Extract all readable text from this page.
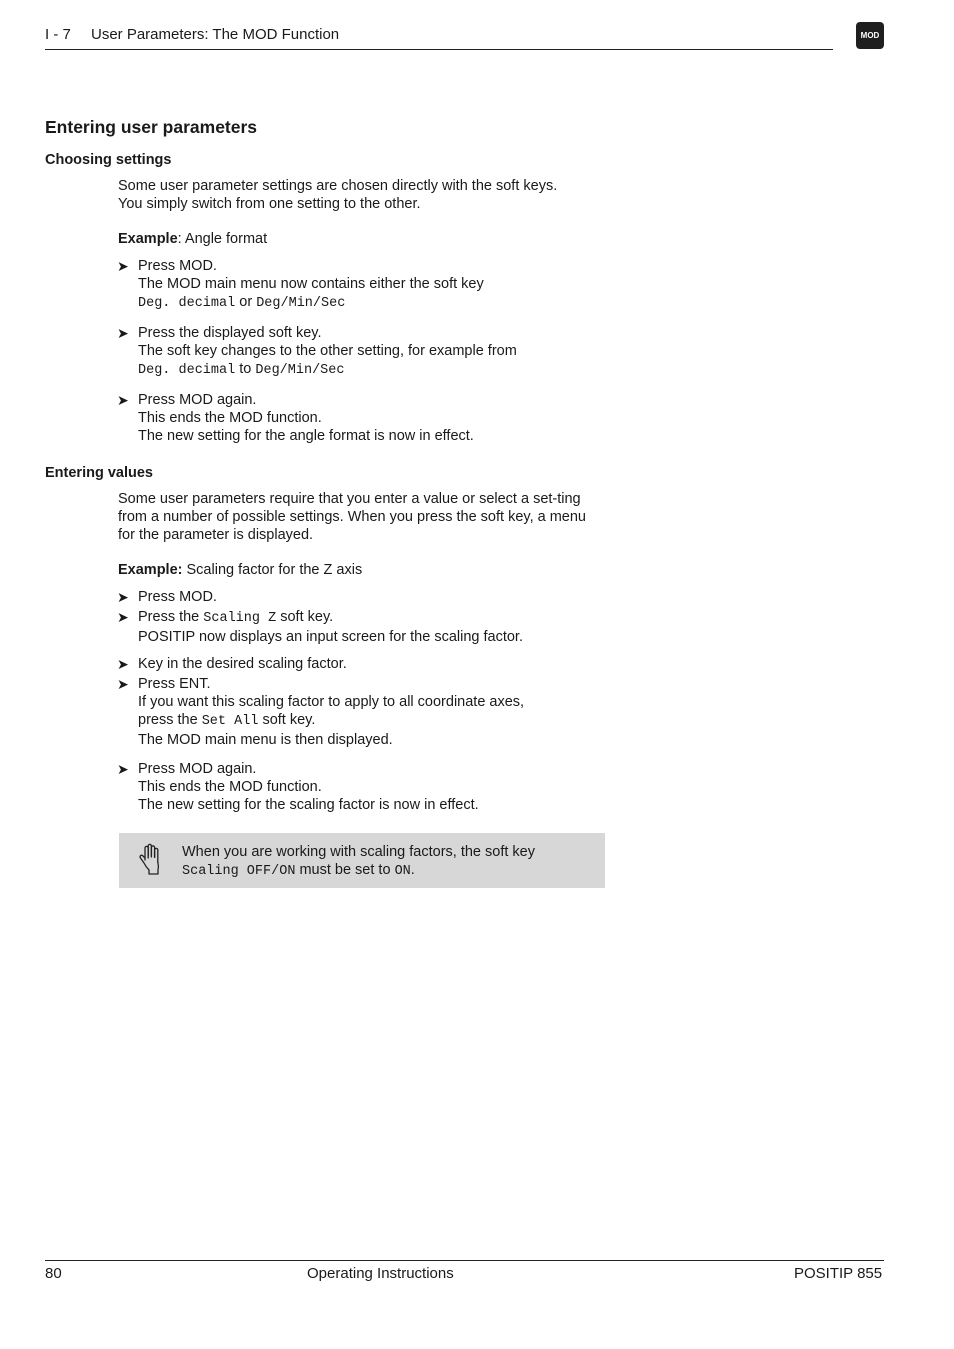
I - 7 User Parameters: The MOD Function	MOD
Entering user parameters
Choosing settings

Some user parameter settings are chosen directly with the soft keys. You simply switch from one setting to the other.

Example: Angle format

➤ Press MOD.

The MOD main menu now contains either the soft key

Deg. decimal or Deg/Min/Sec

➤ Press the displayed soft key.

The soft key changes to the other setting, for example from

Deg. decimal to Deg/Min/Sec

➤ Press MOD again.

This ends the MOD function.

The new setting for the angle format is now in effect.

Entering values

Some user parameters require that you enter a value or select a set-ting from a number of possible settings. When you press the soft key, a menu for the parameter is displayed.

Example: Scaling factor for the Z axis

➤ Press MOD.

➤ Press the Scaling Z soft key.

POSITIP now displays an input screen for the scaling factor.

➤ Key in the desired scaling factor.

➤ Press ENT.

If you want this scaling factor to apply to all coordinate axes,

press the Set All soft key.

The MOD main menu is then displayed.

➤ Press MOD again.

This ends the MOD function.

The new setting for the scaling factor is now in effect.

When you are working with scaling factors, the soft key

Scaling OFF/ON must be set to ON.

80	Operating Instructions	POSITIP 855
